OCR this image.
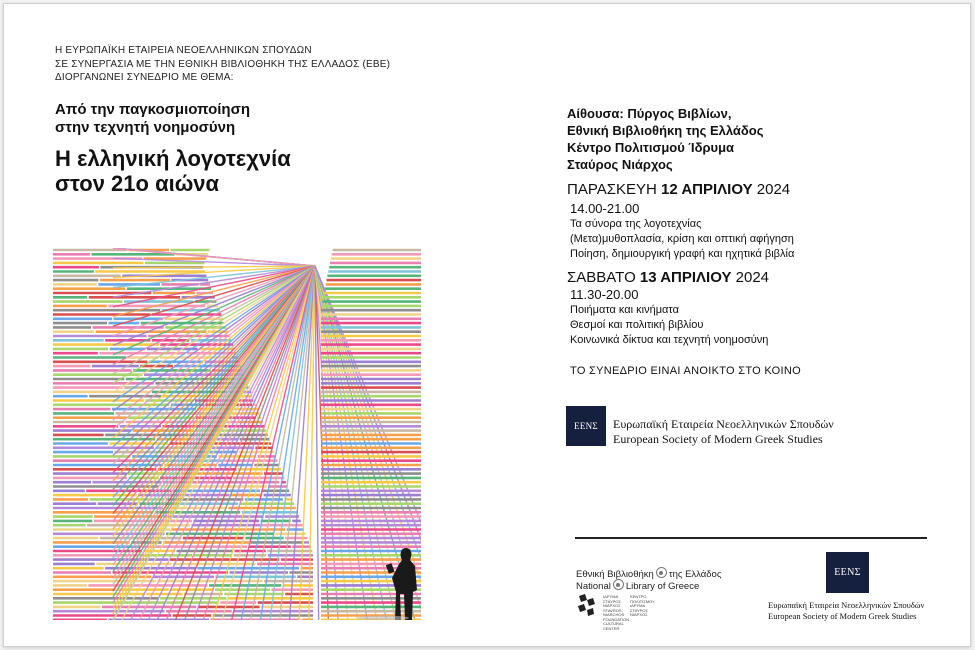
Η ΕΥΡΩΠΑΪΚΗ ΕΤΑΙΡΕΙΑ ΝΕΟΕΛΛΗΝΙΚΩΝ ΣΠΟΥΔΩΝ
ΣΕ ΣΥΝΕΡΓΑΣΙΑ ΜΕ ΤΗΝ ΕΘΝΙΚΗ ΒΙΒΛΙΟΘΗΚΗ ΤΗΣ ΕΛΛΑΔΟΣ (ΕΒΕ)
ΔΙΟΡΓΑΝΩΝΕΙ ΣΥΝΕΔΡΙΟ ΜΕ ΘΕΜΑ:
Από την παγκοσμιοποίηση
στην τεχνητή νοημοσύνη
Η ελληνική λογοτεχνία
στον 21ο αιώνα
Αίθουσα: Πύργος Βιβλίων,
Εθνική Βιβλιοθήκη της Ελλάδος
Κέντρο Πολιτισμού Ίδρυμα
Σταύρος Νιάρχος
ΠΑΡΑΣΚΕΥΗ 12 ΑΠΡΙΛΙΟΥ 2024
14.00-21.00
Τα σύνορα της λογοτεχνίας
(Μετα)μυθοπλασία, κρίση και οπτική αφήγηση
Ποίηση, δημιουργική γραφή και ηχητικά βιβλία
ΣΑΒΒΑΤΟ 13 ΑΠΡΙΛΙΟΥ 2024
11.30-20.00
Ποιήματα και κινήματα
Θεσμοί και πολιτική βιβλίου
Κοινωνικά δίκτυα και τεχνητή νοημοσύνη
ΤΟ ΣΥΝΕΔΡΙΟ ΕΙΝΑΙ ΑΝΟΙΚΤΟ ΣΤΟ ΚΟΙΝΟ
ΕΕΝΣ Ευρωπαϊκή Εταιρεία Νεοελληνικών Σπουδών
European Society of Modern Greek Studies
Εθνική Βιβλιοθήκη της Ελλάδος
National Library of Greece
ΙΔΡΥΜΑ ΣΤΑΥΡΟΣ ΝΙΑΡΧΟΣ STAVROS NIARCHOS FOUNDATION CULTURAL CENTER
ΚΕΝΤΡΟ ΠΟΛΙΤΙΣΜΟΥ ΙΔΡΥΜΑ ΣΤΑΥΡΟΣ ΝΙΑΡΧΟΣ
ΕΕΝΣ
Ευρωπαϊκή Εταιρεία Νεοελληνικών Σπουδών
European Society of Modern Greek Studies
